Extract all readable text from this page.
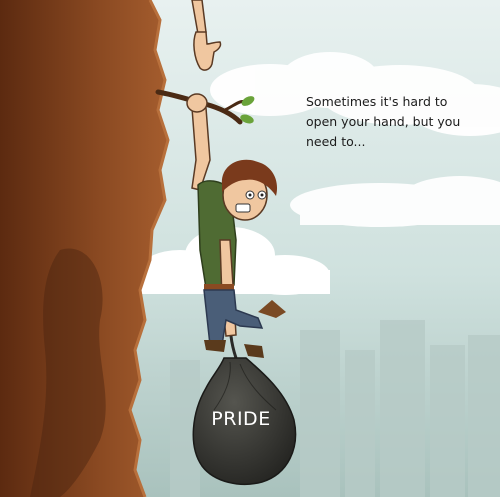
Sometimes it's hard to
open your hand, but you
need to...

PRIDE
